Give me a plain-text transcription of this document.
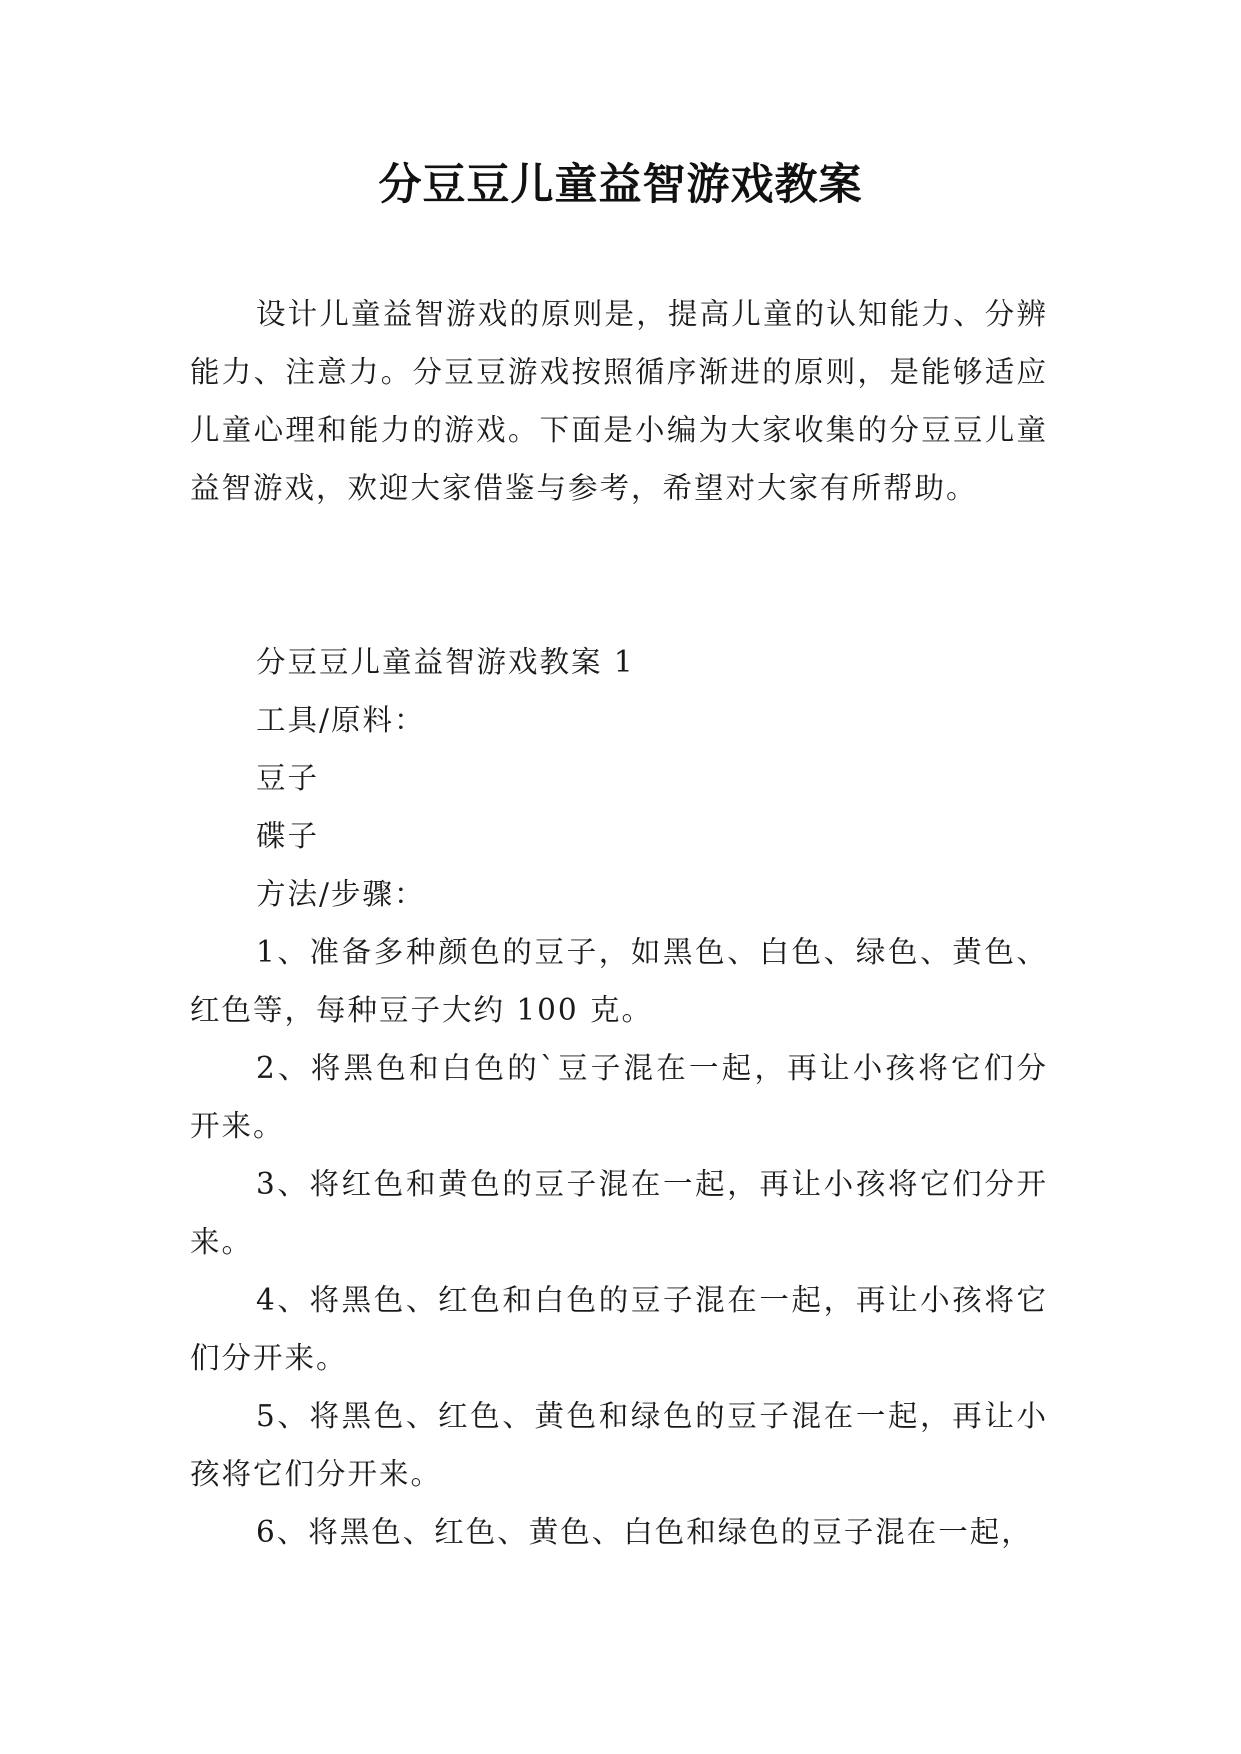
分豆豆儿童益智游戏教案
设计儿童益智游戏的原则是，提高儿童的认知能力、分辨能力、注意力。分豆豆游戏按照循序渐进的原则，是能够适应儿童心理和能力的游戏。下面是小编为大家收集的分豆豆儿童益智游戏，欢迎大家借鉴与参考，希望对大家有所帮助。

分豆豆儿童益智游戏教案 1

工具/原料：

豆子

碟子

方法/步骤：

1、准备多种颜色的豆子，如黑色、白色、绿色、黄色、红色等，每种豆子大约 100 克。

2、将黑色和白色的`豆子混在一起，再让小孩将它们分开来。

3、将红色和黄色的豆子混在一起，再让小孩将它们分开来。

4、将黑色、红色和白色的豆子混在一起，再让小孩将它们分开来。

5、将黑色、红色、黄色和绿色的豆子混在一起，再让小孩将它们分开来。

6、将黑色、红色、黄色、白色和绿色的豆子混在一起，
